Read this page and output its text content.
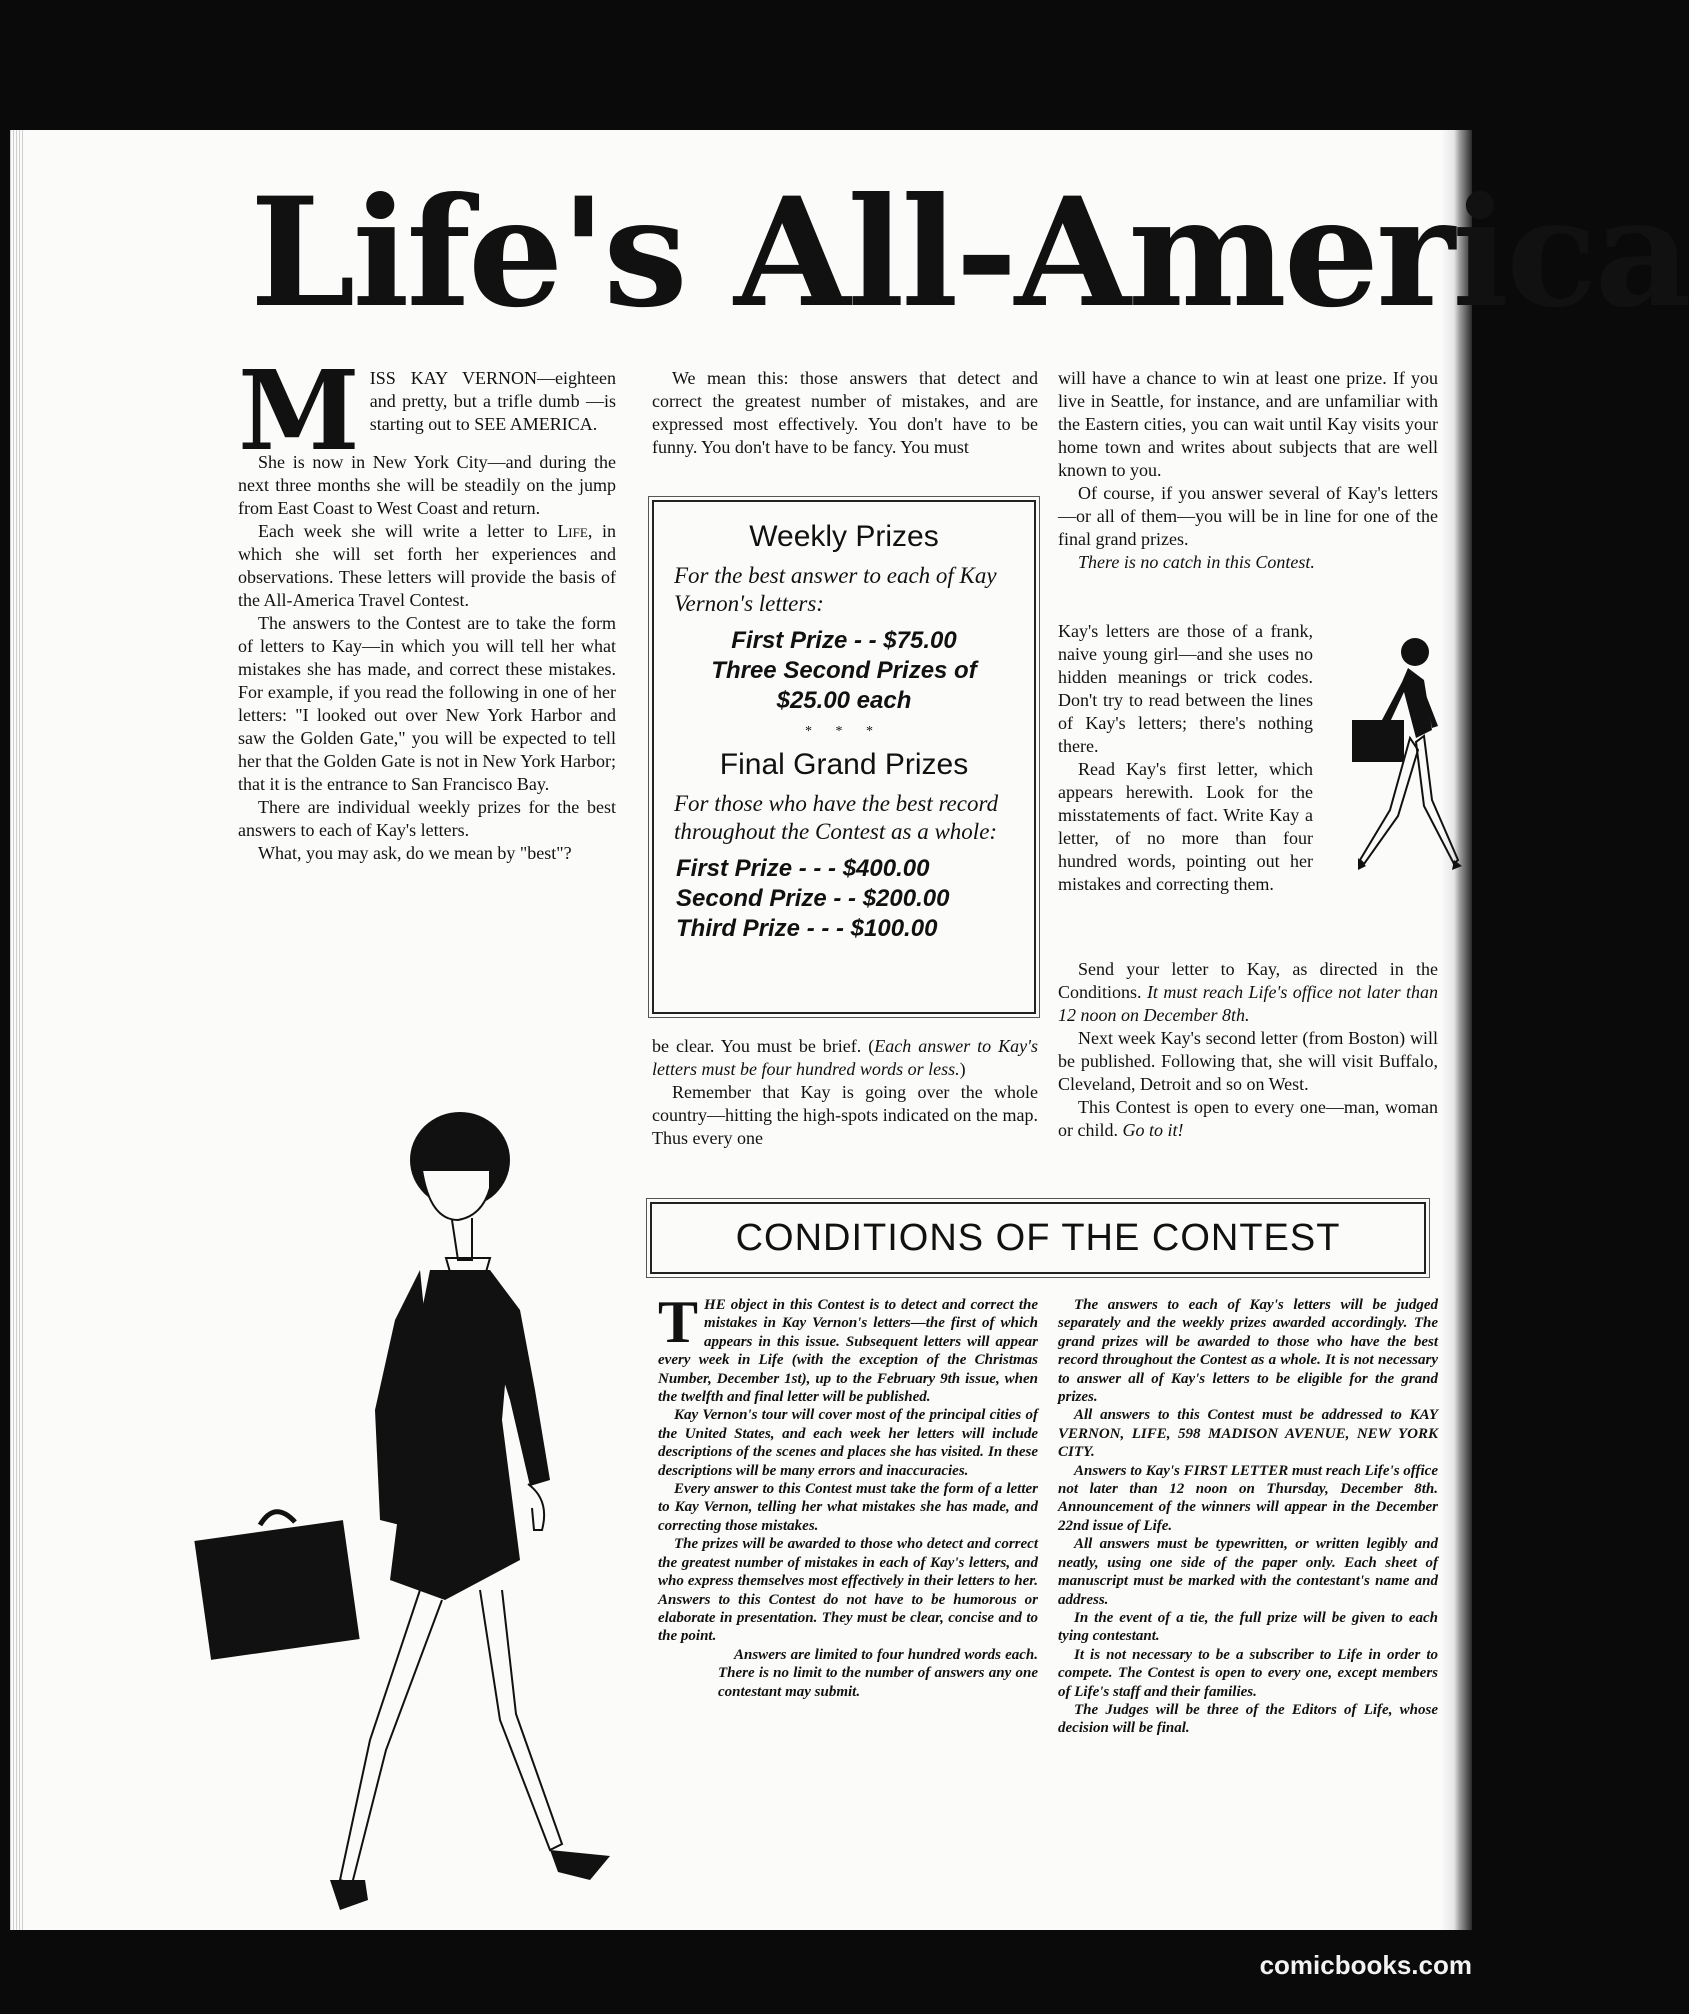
Life's All-America
M ISS KAY VERNON—eighteen and pretty, but a trifle dumb —is starting out to SEE AMERICA.

She is now in New York City—and during the next three months she will be steadily on the jump from East Coast to West Coast and return.

Each week she will write a letter to Life, in which she will set forth her experiences and observations. These letters will provide the basis of the All-America Travel Contest.

The answers to the Contest are to take the form of letters to Kay—in which you will tell her what mistakes she has made, and correct these mistakes. For example, if you read the following in one of her letters: "I looked out over New York Harbor and saw the Golden Gate," you will be expected to tell her that the Golden Gate is not in New York Harbor; that it is the entrance to San Francisco Bay.

There are individual weekly prizes for the best answers to each of Kay's letters.

What, you may ask, do we mean by "best"?

We mean this: those answers that detect and correct the greatest number of mistakes, and are expressed most effectively. You don't have to be funny. You don't have to be fancy. You must

Weekly Prizes
For the best answer to each of Kay Vernon's letters:
First Prize - - $75.00
Three Second Prizes of $25.00 each
* * *
Final Grand Prizes
For those who have the best record throughout the Contest as a whole:
First Prize - - - $400.00
Second Prize - - $200.00
Third Prize - - - $100.00

be clear. You must be brief. (Each answer to Kay's letters must be four hundred words or less.)

Remember that Kay is going over the whole country—hitting the high-spots indicated on the map. Thus every one

will have a chance to win at least one prize. If you live in Seattle, for instance, and are unfamiliar with the Eastern cities, you can wait until Kay visits your home town and writes about subjects that are well known to you.

Of course, if you answer several of Kay's letters—or all of them—you will be in line for one of the final grand prizes.

There is no catch in this Contest.

Kay's letters are those of a frank, naive young girl—and she uses no hidden meanings or trick codes. Don't try to read between the lines of Kay's letters; there's nothing there.

Read Kay's first letter, which appears herewith. Look for the misstatements of fact. Write Kay a letter, of no more than four hundred words, pointing out her mistakes and correcting them.

Send your letter to Kay, as directed in the Conditions. It must reach Life's office not later than 12 noon on December 8th.

Next week Kay's second letter (from Boston) will be published. Following that, she will visit Buffalo, Cleveland, Detroit and so on West.

This Contest is open to every one—man, woman or child. Go to it!

CONDITIONS OF THE CONTEST
T HE object in this Contest is to detect and correct the mistakes in Kay Vernon's letters—the first of which appears in this issue. Subsequent letters will appear every week in Life (with the exception of the Christmas Number, December 1st), up to the February 9th issue, when the twelfth and final letter will be published.

Kay Vernon's tour will cover most of the principal cities of the United States, and each week her letters will include descriptions of the scenes and places she has visited. In these descriptions will be many errors and inaccuracies.

Every answer to this Contest must take the form of a letter to Kay Vernon, telling her what mistakes she has made, and correcting those mistakes.

The prizes will be awarded to those who detect and correct the greatest number of mistakes in each of Kay's letters, and who express themselves most effectively in their letters to her. Answers to this Contest do not have to be humorous or elaborate in presentation. They must be clear, concise and to the point.

Answers are limited to four hundred words each. There is no limit to the number of answers any one contestant may submit.

The answers to each of Kay's letters will be judged separately and the weekly prizes awarded accordingly. The grand prizes will be awarded to those who have the best record throughout the Contest as a whole. It is not necessary to answer all of Kay's letters to be eligible for the grand prizes.

All answers to this Contest must be addressed to KAY VERNON, LIFE, 598 MADISON AVENUE, NEW YORK CITY.

Answers to Kay's FIRST LETTER must reach Life's office not later than 12 noon on Thursday, December 8th. Announcement of the winners will appear in the December 22nd issue of Life.

All answers must be typewritten, or written legibly and neatly, using one side of the paper only. Each sheet of manuscript must be marked with the contestant's name and address.

In the event of a tie, the full prize will be given to each tying contestant.

It is not necessary to be a subscriber to Life in order to compete. The Contest is open to every one, except members of Life's staff and their families.

The Judges will be three of the Editors of Life, whose decision will be final.

comicbooks.com
